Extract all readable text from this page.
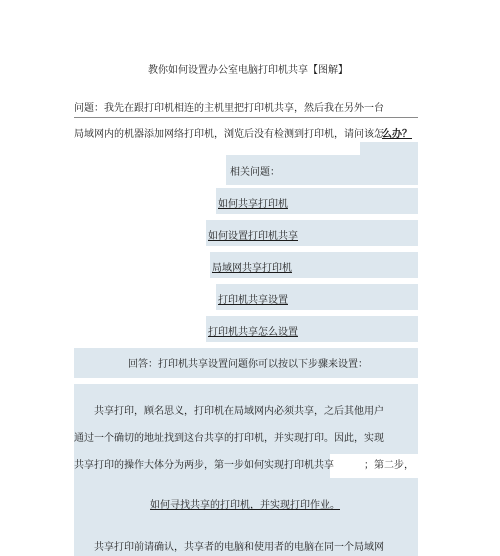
教你如何设置办公室电脑打印机共享【图解】
问题：我先在跟打印机相连的主机里把打印机共享，然后我在另外一台
局域网内的机器添加网络打印机，浏览后没有检测到打印机，请问该怎
么办？
相关问题：
如何共享打印机
如何设置打印机共享
局域网共享打印机
打印机共享设置
打印机共享怎么设置
回答：打印机共享设置问题你可以按以下步骤来设置：
共享打印，顾名思义，打印机在局域网内必须共享，之后其他用户
通过一个确切的地址找到这台共享的打印机，并实现打印。因此，实现
共享打印的操作大体分为两步，第一步如何实现打印机共享	；第二步，
如何寻找共享的打印机，并实现打印作业。
共享打印前请确认，共享者的电脑和使用者的电脑在同一个局域网
